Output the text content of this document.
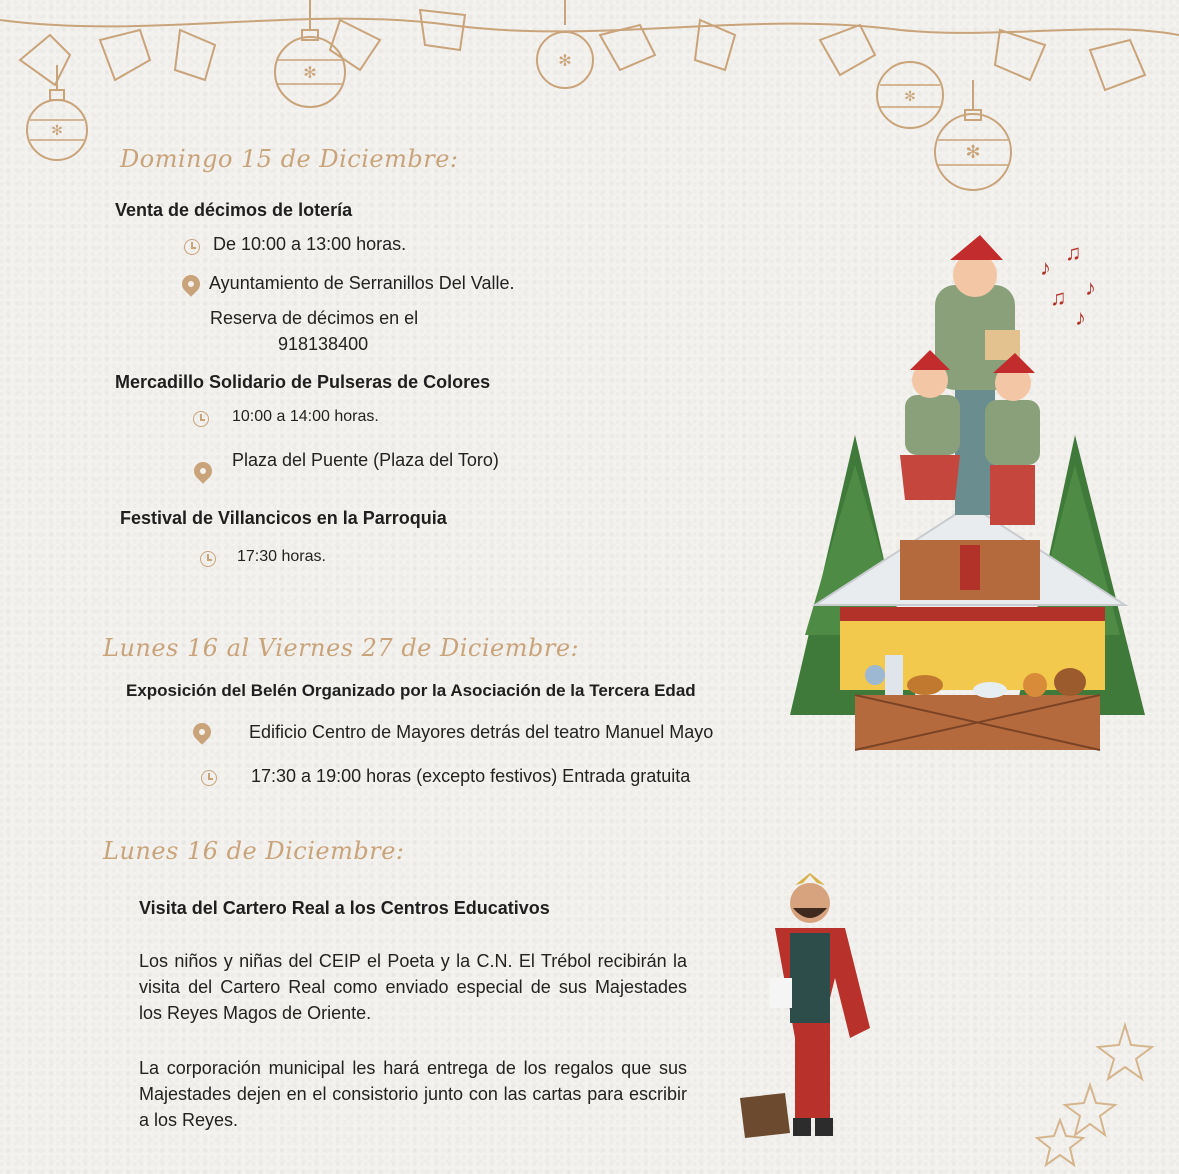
✻
✻
✻
✻
✻
Domingo 15 de Diciembre:
Venta de décimos de lotería
De 10:00 a 13:00 horas.
Ayuntamiento de Serranillos Del Valle.
Reserva de décimos en el
918138400
Mercadillo Solidario de Pulseras de Colores
10:00 a 14:00 horas.
Plaza del Puente (Plaza del Toro)
Festival de Villancicos en la Parroquia
17:30 horas.
Lunes 16 al Viernes 27 de Diciembre:
Exposición del Belén Organizado por la Asociación de la Tercera Edad
Edificio Centro de Mayores detrás del teatro Manuel Mayo
17:30 a 19:00 horas (excepto festivos) Entrada gratuita
♪
♫
♫ ♪
♪
Lunes 16 de Diciembre:
Visita del Cartero Real a los Centros Educativos
Los niños y niñas del CEIP el Poeta y la C.N. El Trébol recibirán la visita del Cartero Real como enviado especial de sus Majestades los Reyes Magos de Oriente.
La corporación municipal les hará entrega de los regalos que sus Majestades dejen en el consistorio junto con las cartas para escribir a los Reyes.
